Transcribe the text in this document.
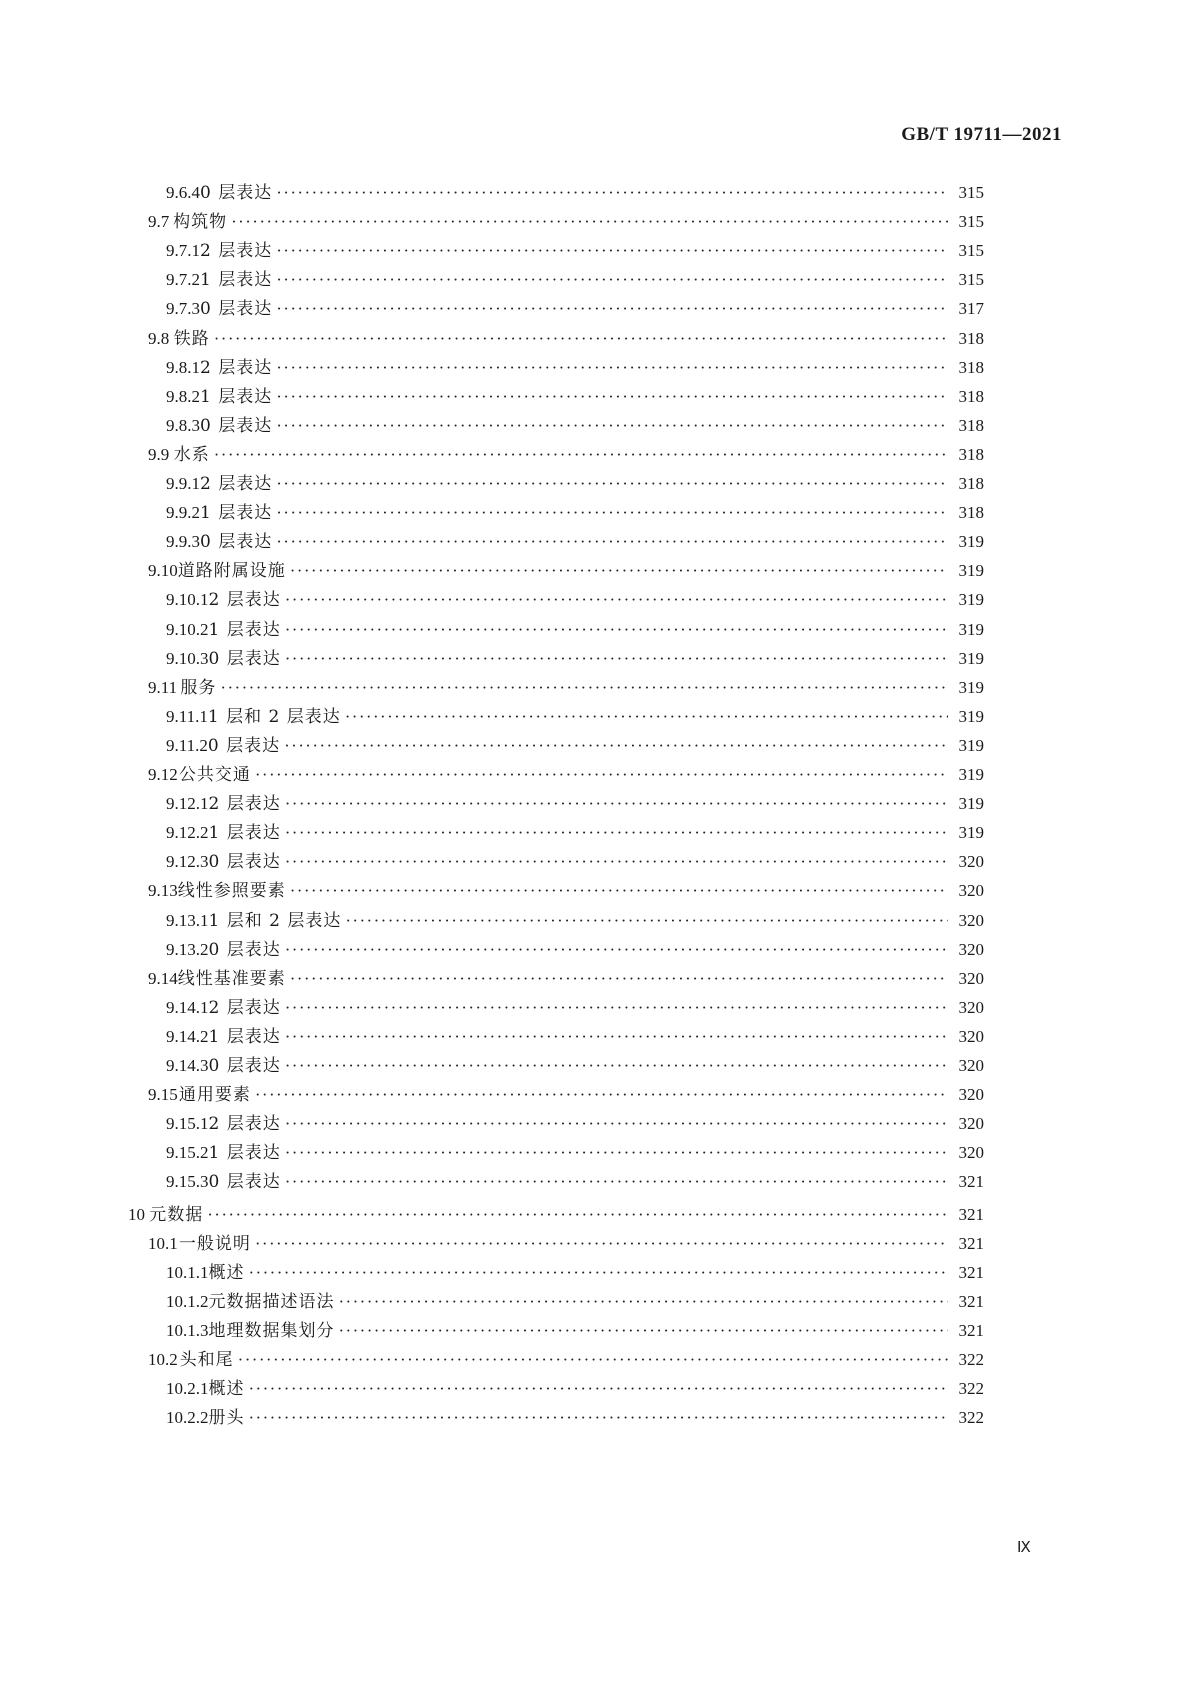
GB/T 19711—2021
9.6.4 0 层表达 ·····	315
9.7 构筑物 ·····	315
9.7.1 2 层表达 ·····	315
9.7.2 1 层表达 ·····	315
9.7.3 0 层表达 ·····	317
9.8 铁路 ·····	318
9.8.1 2 层表达 ·····	318
9.8.2 1 层表达 ·····	318
9.8.3 0 层表达 ·····	318
9.9 水系 ·····	318
9.9.1 2 层表达 ·····	318
9.9.2 1 层表达 ·····	318
9.9.3 0 层表达 ·····	319
9.10 道路附属设施 ·····	319
9.10.1 2 层表达 ·····	319
9.10.2 1 层表达 ·····	319
9.10.3 0 层表达 ·····	319
9.11 服务 ·····	319
9.11.1 1 层和 2 层表达 ·····	319
9.11.2 0 层表达 ·····	319
9.12 公共交通 ·····	319
9.12.1 2 层表达 ·····	319
9.12.2 1 层表达 ·····	319
9.12.3 0 层表达 ·····	320
9.13 线性参照要素 ·····	320
9.13.1 1 层和 2 层表达 ·····	320
9.13.2 0 层表达 ·····	320
9.14 线性基准要素 ·····	320
9.14.1 2 层表达 ·····	320
9.14.2 1 层表达 ·····	320
9.14.3 0 层表达 ·····	320
9.15 通用要素 ·····	320
9.15.1 2 层表达 ·····	320
9.15.2 1 层表达 ·····	320
9.15.3 0 层表达 ·····	321
10 元数据 ·····	321
10.1 一般说明 ·····	321
10.1.1 概述 ·····	321
10.1.2 元数据描述语法 ·····	321
10.1.3 地理数据集划分 ·····	321
10.2 头和尾 ·····	322
10.2.1 概述 ·····	322
10.2.2 册头 ·····	322
Ⅸ
